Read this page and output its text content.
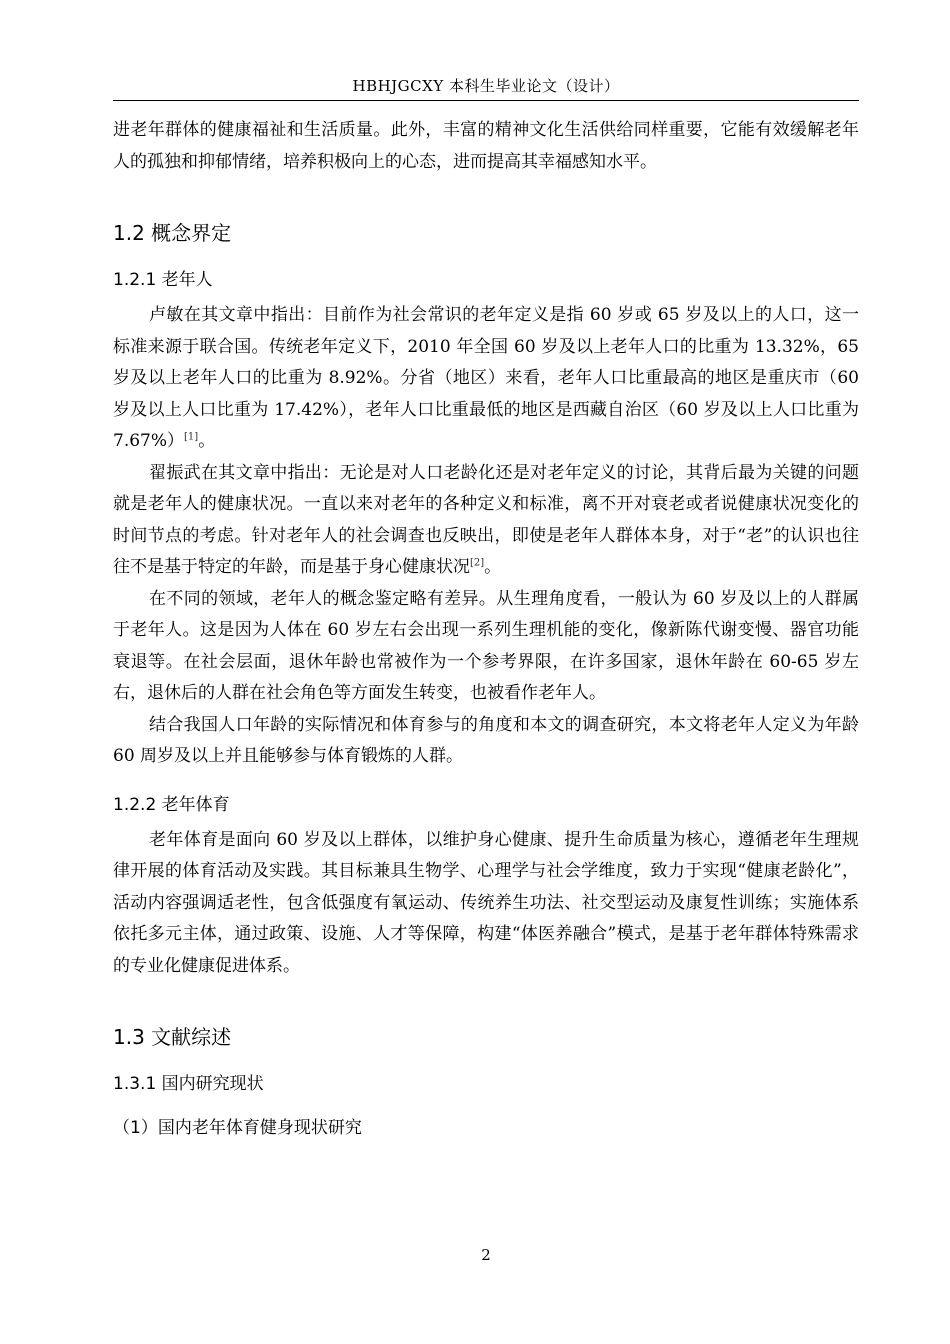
HBHJGCXY 本科生毕业论文（设计）

进老年群体的健康福祉和生活质量。此外，丰富的精神文化生活供给同样重要，它能有效缓解老年人的孤独和抑郁情绪，培养积极向上的心态，进而提高其幸福感知水平。

1.2 概念界定
1.2.1 老年人

卢敏在其文章中指出：目前作为社会常识的老年定义是指 60 岁或 65 岁及以上的人口，这一标准来源于联合国。传统老年定义下，2010 年全国 60 岁及以上老年人口的比重为 13.32%，65 岁及以上老年人口的比重为 8.92%。分省（地区）来看，老年人口比重最高的地区是重庆市（60 岁及以上人口比重为 17.42%），老年人口比重最低的地区是西藏自治区（60 岁及以上人口比重为 7.67%）[1]。

翟振武在其文章中指出：无论是对人口老龄化还是对老年定义的讨论，其背后最为关键的问题就是老年人的健康状况。一直以来对老年的各种定义和标准，离不开对衰老或者说健康状况变化的时间节点的考虑。针对老年人的社会调查也反映出，即使是老年人群体本身，对于“老”的认识也往往不是基于特定的年龄，而是基于身心健康状况[2]。

在不同的领域，老年人的概念鉴定略有差异。从生理角度看，一般认为 60 岁及以上的人群属于老年人。这是因为人体在 60 岁左右会出现一系列生理机能的变化，像新陈代谢变慢、器官功能衰退等。在社会层面，退休年龄也常被作为一个参考界限，在许多国家，退休年龄在 60-65 岁左右，退休后的人群在社会角色等方面发生转变，也被看作老年人。

结合我国人口年龄的实际情况和体育参与的角度和本文的调查研究，本文将老年人定义为年龄 60 周岁及以上并且能够参与体育锻炼的人群。

1.2.2 老年体育

老年体育是面向 60 岁及以上群体，以维护身心健康、提升生命质量为核心，遵循老年生理规律开展的体育活动及实践。其目标兼具生物学、心理学与社会学维度，致力于实现“健康老龄化”，活动内容强调适老性，包含低强度有氧运动、传统养生功法、社交型运动及康复性训练；实施体系依托多元主体，通过政策、设施、人才等保障，构建“体医养融合”模式，是基于老年群体特殊需求的专业化健康促进体系。

1.3 文献综述
1.3.1 国内研究现状
（1）国内老年体育健身现状研究
2
